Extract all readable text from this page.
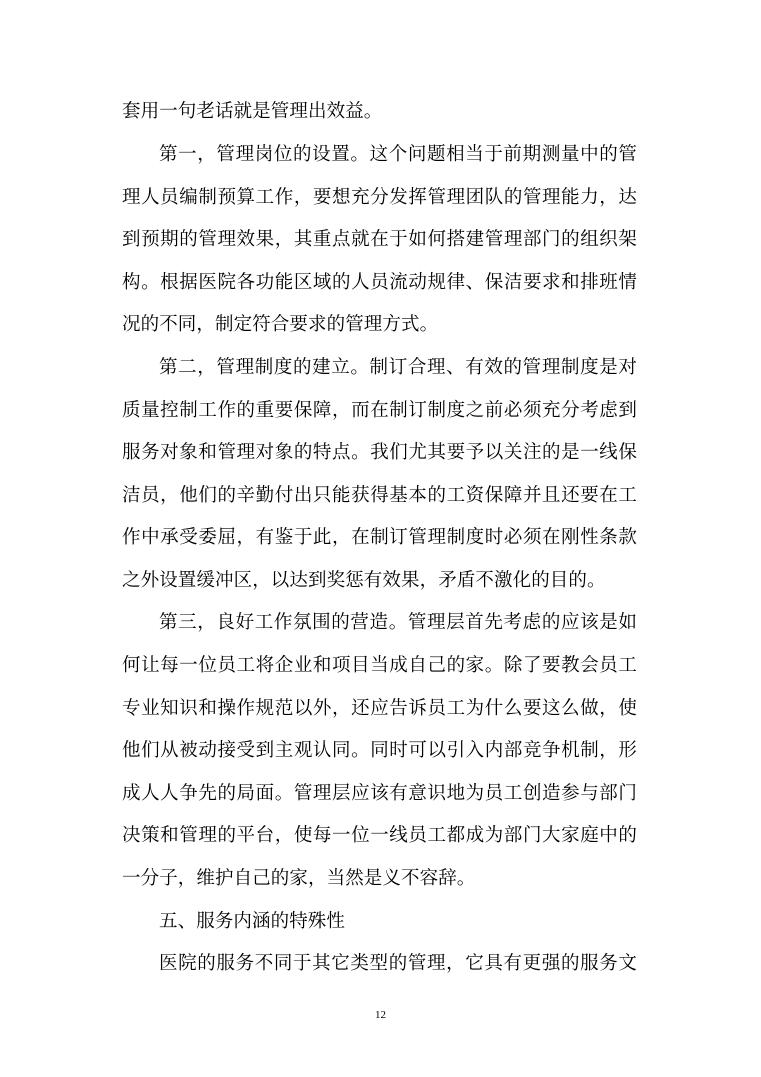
套用一句老话就是管理出效益。
第一，管理岗位的设置。这个问题相当于前期测量中的管
理人员编制预算工作，要想充分发挥管理团队的管理能力，达
到预期的管理效果，其重点就在于如何搭建管理部门的组织架
构。根据医院各功能区域的人员流动规律、保洁要求和排班情
况的不同，制定符合要求的管理方式。
第二，管理制度的建立。制订合理、有效的管理制度是对
质量控制工作的重要保障，而在制订制度之前必须充分考虑到
服务对象和管理对象的特点。我们尤其要予以关注的是一线保
洁员，他们的辛勤付出只能获得基本的工资保障并且还要在工
作中承受委屈，有鉴于此，在制订管理制度时必须在刚性条款
之外设置缓冲区，以达到奖惩有效果，矛盾不激化的目的。
第三，良好工作氛围的营造。管理层首先考虑的应该是如
何让每一位员工将企业和项目当成自己的家。除了要教会员工
专业知识和操作规范以外，还应告诉员工为什么要这么做，使
他们从被动接受到主观认同。同时可以引入内部竞争机制，形
成人人争先的局面。管理层应该有意识地为员工创造参与部门
决策和管理的平台，使每一位一线员工都成为部门大家庭中的
一分子，维护自己的家，当然是义不容辞。
五、服务内涵的特殊性
医院的服务不同于其它类型的管理，它具有更强的服务文
12
